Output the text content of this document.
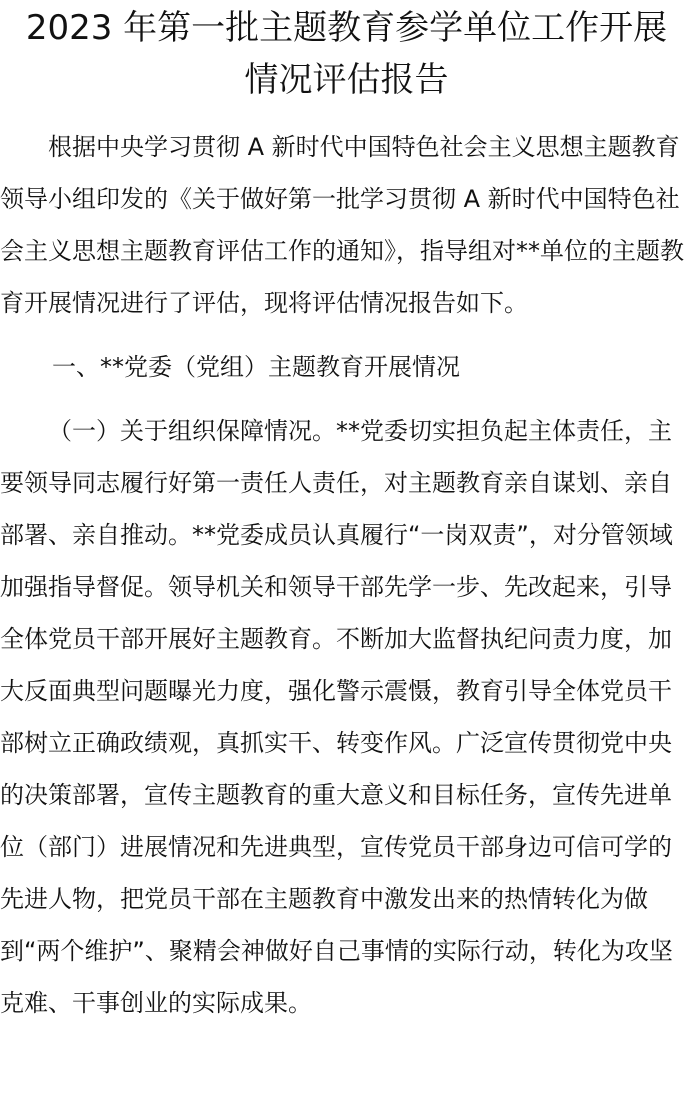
2023 年第一批主题教育参学单位工作开展
情况评估报告

根据中央学习贯彻 A 新时代中国特色社会主义思想主题教育领导小组印发的《关于做好第一批学习贯彻 A 新时代中国特色社会主义思想主题教育评估工作的通知》，指导组对**单位的主题教育开展情况进行了评估，现将评估情况报告如下。

一、**党委（党组）主题教育开展情况

（一）关于组织保障情况。**党委切实担负起主体责任，主要领导同志履行好第一责任人责任，对主题教育亲自谋划、亲自部署、亲自推动。**党委成员认真履行“一岗双责”，对分管领域加强指导督促。领导机关和领导干部先学一步、先改起来，引导全体党员干部开展好主题教育。不断加大监督执纪问责力度，加大反面典型问题曝光力度，强化警示震慑，教育引导全体党员干部树立正确政绩观，真抓实干、转变作风。广泛宣传贯彻党中央的决策部署，宣传主题教育的重大意义和目标任务，宣传先进单位（部门）进展情况和先进典型，宣传党员干部身边可信可学的先进人物，把党员干部在主题教育中激发出来的热情转化为做到“两个维护”、聚精会神做好自己事情的实际行动，转化为攻坚克难、干事创业的实际成果。
